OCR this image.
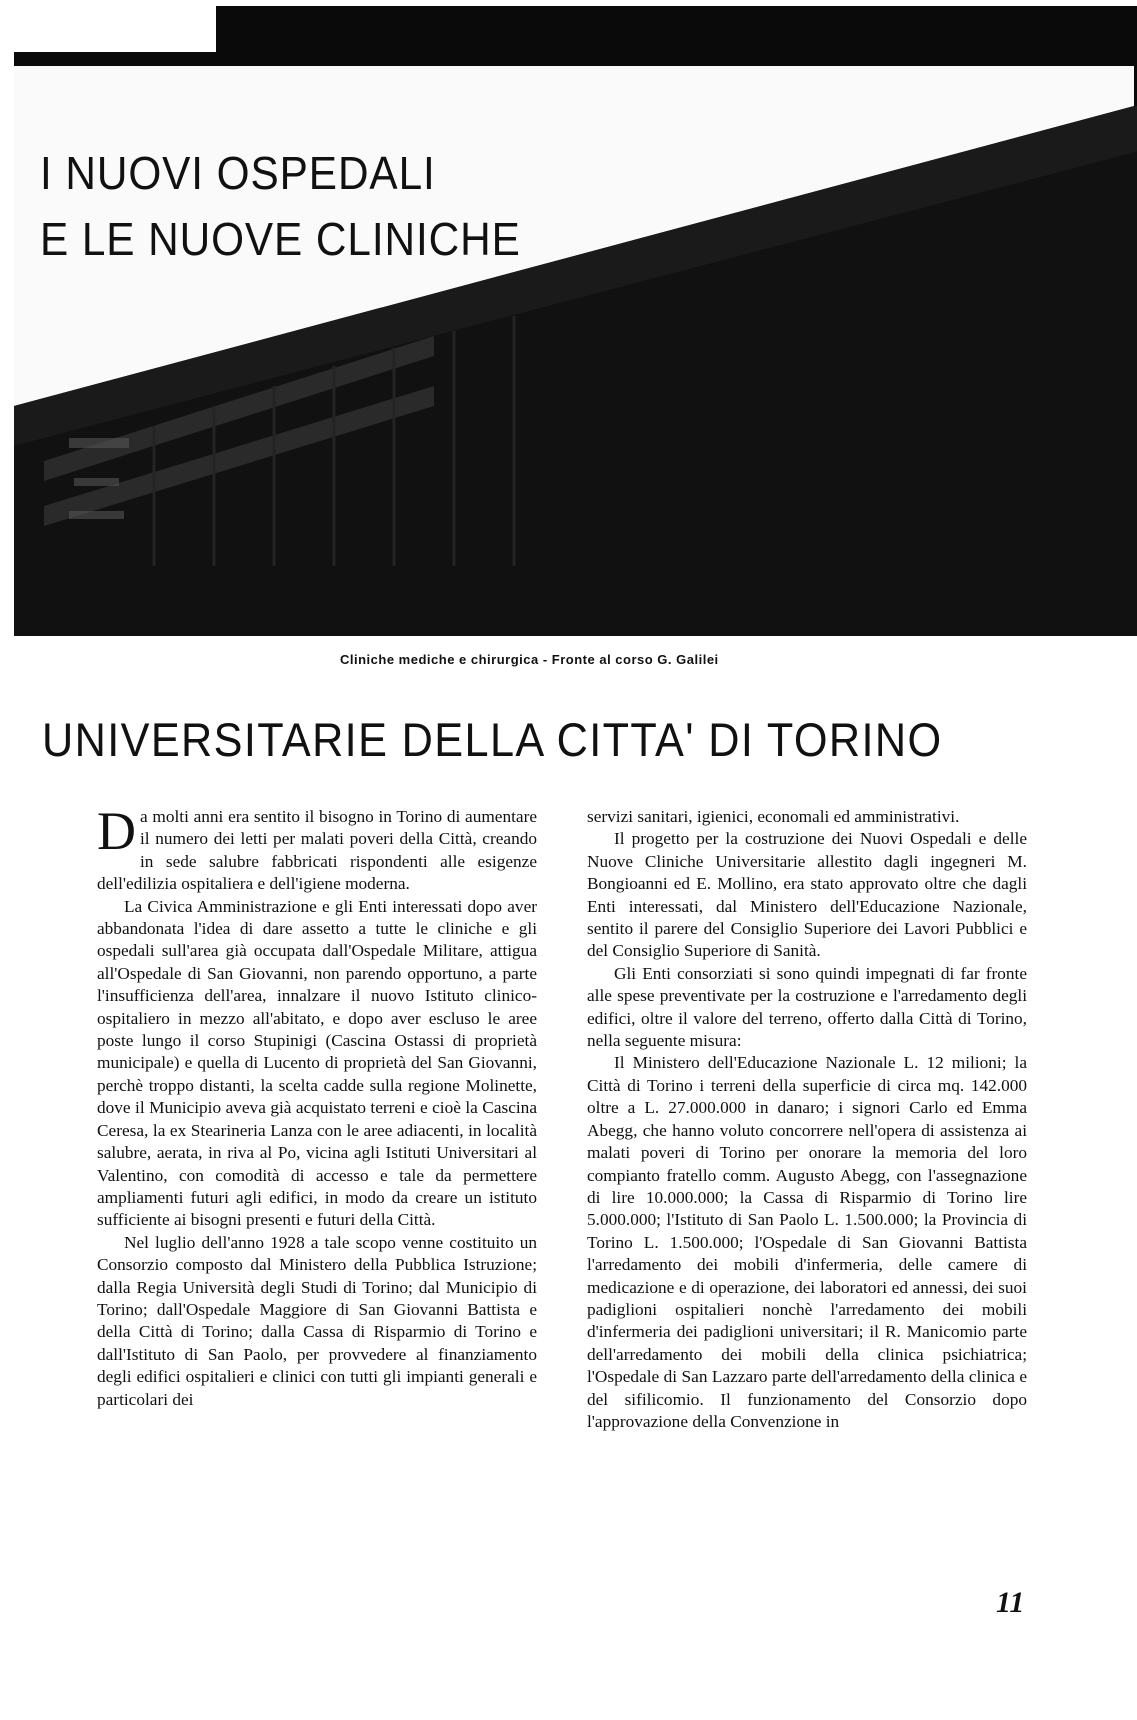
I NUOVI OSPEDALI
E LE NUOVE CLINICHE
Cliniche mediche e chirurgica - Fronte al corso G. Galilei
UNIVERSITARIE DELLA CITTA' DI TORINO

Da molti anni era sentito il bisogno in Torino di aumentare il numero dei letti per malati poveri della Città, creando in sede salubre fabbricati rispondenti alle esigenze dell'edilizia ospitaliera e dell'igiene moderna.

La Civica Amministrazione e gli Enti interessati dopo aver abbandonata l'idea di dare assetto a tutte le cliniche e gli ospedali sull'area già occupata dall'Ospedale Militare, attigua all'Ospedale di San Giovanni, non parendo opportuno, a parte l'insufficienza dell'area, innalzare il nuovo Istituto clinico-ospitaliero in mezzo all'abitato, e dopo aver escluso le aree poste lungo il corso Stupinigi (Cascina Ostassi di proprietà municipale) e quella di Lucento di proprietà del San Giovanni, perchè troppo distanti, la scelta cadde sulla regione Molinette, dove il Municipio aveva già acquistato terreni e cioè la Cascina Ceresa, la ex Stearineria Lanza con le aree adiacenti, in località salubre, aerata, in riva al Po, vicina agli Istituti Universitari al Valentino, con comodità di accesso e tale da permettere ampliamenti futuri agli edifici, in modo da creare un istituto sufficiente ai bisogni presenti e futuri della Città.

Nel luglio dell'anno 1928 a tale scopo venne costituito un Consorzio composto dal Ministero della Pubblica Istruzione; dalla Regia Università degli Studi di Torino; dal Municipio di Torino; dall'Ospedale Maggiore di San Giovanni Battista e della Città di Torino; dalla Cassa di Risparmio di Torino e dall'Istituto di San Paolo, per provvedere al finanziamento degli edifici ospitalieri e clinici con tutti gli impianti generali e particolari dei

servizi sanitari, igienici, economali ed amministrativi.

Il progetto per la costruzione dei Nuovi Ospedali e delle Nuove Cliniche Universitarie allestito dagli ingegneri M. Bongioanni ed E. Mollino, era stato approvato oltre che dagli Enti interessati, dal Ministero dell'Educazione Nazionale, sentito il parere del Consiglio Superiore dei Lavori Pubblici e del Consiglio Superiore di Sanità.

Gli Enti consorziati si sono quindi impegnati di far fronte alle spese preventivate per la costruzione e l'arredamento degli edifici, oltre il valore del terreno, offerto dalla Città di Torino, nella seguente misura:

Il Ministero dell'Educazione Nazionale L. 12 milioni; la Città di Torino i terreni della superficie di circa mq. 142.000 oltre a L. 27.000.000 in danaro; i signori Carlo ed Emma Abegg, che hanno voluto concorrere nell'opera di assistenza ai malati poveri di Torino per onorare la memoria del loro compianto fratello comm. Augusto Abegg, con l'assegnazione di lire 10.000.000; la Cassa di Risparmio di Torino lire 5.000.000; l'Istituto di San Paolo L. 1.500.000; la Provincia di Torino L. 1.500.000; l'Ospedale di San Giovanni Battista l'arredamento dei mobili d'infermeria, delle camere di medicazione e di operazione, dei laboratori ed annessi, dei suoi padiglioni ospitalieri nonchè l'arredamento dei mobili d'infermeria dei padiglioni universitari; il R. Manicomio parte dell'arredamento dei mobili della clinica psichiatrica; l'Ospedale di San Lazzaro parte dell'arredamento della clinica e del sifilicomio. Il funzionamento del Consorzio dopo l'approvazione della Convenzione in

11
